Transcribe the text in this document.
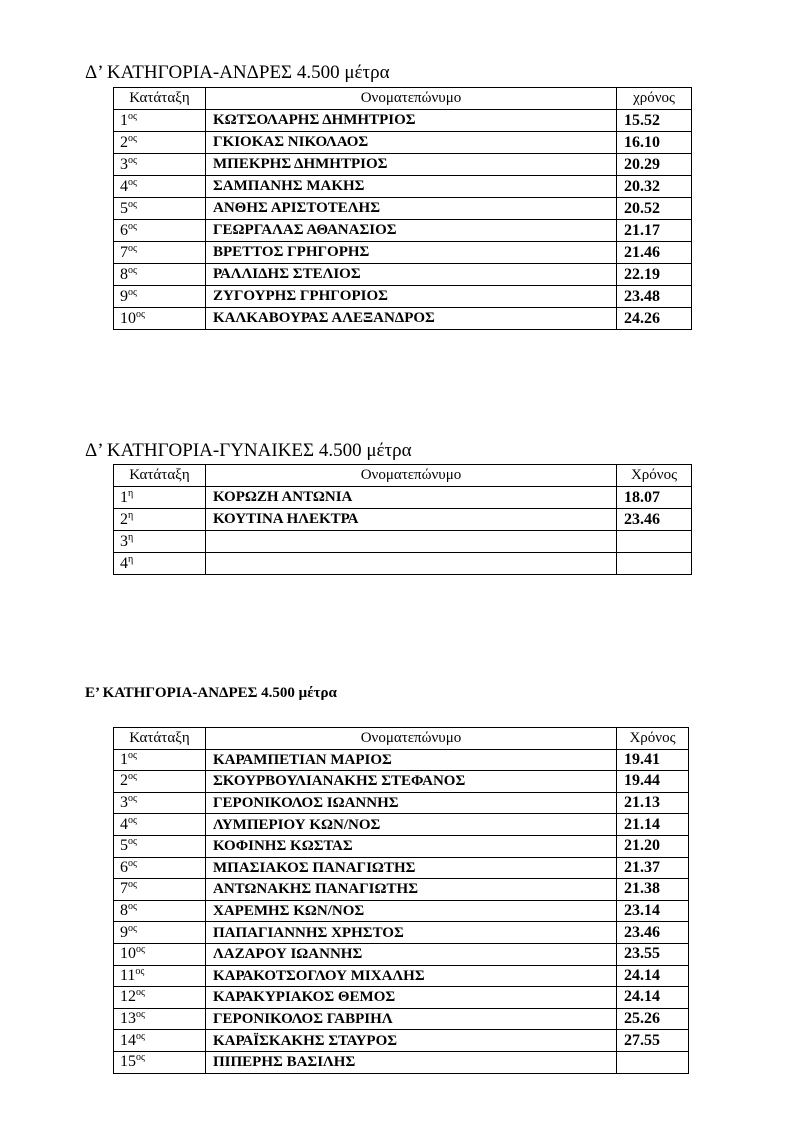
Δ’ ΚΑΤΗΓΟΡΙΑ-ΑΝΔΡΕΣ 4.500 μέτρα
Κατάταξη	Ονοματεπώνυμο	χρόνος
$1^{o\varsigma}$	ΚΩΤΣΟΛΑΡΗΣ ΔΗΜΗΤΡΙΟΣ	15.52
$2^{o\varsigma}$	ΓΚΙΟΚΑΣ ΝΙΚΟΛΑΟΣ	16.10
$3^{o\varsigma}$	ΜΠΕΚΡΗΣ ΔΗΜΗΤΡΙΟΣ	20.29
$4^{o\varsigma}$	ΣΑΜΠΑΝΗΣ ΜΑΚΗΣ	20.32
$5^{o\varsigma}$	ΑΝΘΗΣ ΑΡΙΣΤΟΤΕΛΗΣ	20.52
$6^{o\varsigma}$	ΓΕΩΡΓΑΛΑΣ ΑΘΑΝΑΣΙΟΣ	21.17
$7^{o\varsigma}$	ΒΡΕΤΤΟΣ ΓΡΗΓΟΡΗΣ	21.46
$8^{o\varsigma}$	ΡΑΛΛΙΔΗΣ ΣΤΕΛΙΟΣ	22.19
$9^{o\varsigma}$	ΖΥΓΟΥΡΗΣ ΓΡΗΓΟΡΙΟΣ	23.48
$10^{o\varsigma}$	ΚΑΛΚΑΒΟΥΡΑΣ ΑΛΕΞΑΝΔΡΟΣ	24.26
Δ’ ΚΑΤΗΓΟΡΙΑ-ΓΥΝΑΙΚΕΣ 4.500 μέτρα
Κατάταξη	Ονοματεπώνυμο	Χρόνος
$1^\eta$	ΚΟΡΩΖΗ ΑΝΤΩΝΙΑ	18.07
$2^\eta$	ΚΟΥΤΙΝΑ ΗΛΕΚΤΡΑ	23.46
$3^\eta$		
$4^\eta$		
Ε’ ΚΑΤΗΓΟΡΙΑ-ΑΝΔΡΕΣ 4.500 μέτρα
Κατάταξη	Ονοματεπώνυμο	Χρόνος
$1^{o\varsigma}$	ΚΑΡΑΜΠΕΤΙΑΝ ΜΑΡΙΟΣ	19.41
$2^{o\varsigma}$	ΣΚΟΥΡΒΟΥΛΙΑΝΑΚΗΣ ΣΤΕΦΑΝΟΣ	19.44
$3^{o\varsigma}$	ΓΕΡΟΝΙΚΟΛΟΣ ΙΩΑΝΝΗΣ	21.13
$4^{o\varsigma}$	ΛΥΜΠΕΡΙΟΥ ΚΩΝ/ΝΟΣ	21.14
$5^{o\varsigma}$	ΚΟΦΙΝΗΣ ΚΩΣΤΑΣ	21.20
$6^{o\varsigma}$	ΜΠΑΣΙΑΚΟΣ ΠΑΝΑΓΙΩΤΗΣ	21.37
$7^{o\varsigma}$	ΑΝΤΩΝΑΚΗΣ ΠΑΝΑΓΙΩΤΗΣ	21.38
$8^{o\varsigma}$	ΧΑΡΕΜΗΣ ΚΩΝ/ΝΟΣ	23.14
$9^{o\varsigma}$	ΠΑΠΑΓΙΑΝΝΗΣ ΧΡΗΣΤΟΣ	23.46
$10^{o\varsigma}$	ΛΑΖΑΡΟΥ ΙΩΑΝΝΗΣ	23.55
$11^{o\varsigma}$	ΚΑΡΑΚΟΤΣΟΓΛΟΥ ΜΙΧΑΛΗΣ	24.14
$12^{o\varsigma}$	ΚΑΡΑΚΥΡΙΑΚΟΣ ΘΕΜΟΣ	24.14
$13^{o\varsigma}$	ΓΕΡΟΝΙΚΟΛΟΣ ΓΑΒΡΙΗΛ	25.26
$14^{o\varsigma}$	ΚΑΡΑΪΣΚΑΚΗΣ ΣΤΑΥΡΟΣ	27.55
$15^{o\varsigma}$	ΠΙΠΕΡΗΣ ΒΑΣΙΛΗΣ	
